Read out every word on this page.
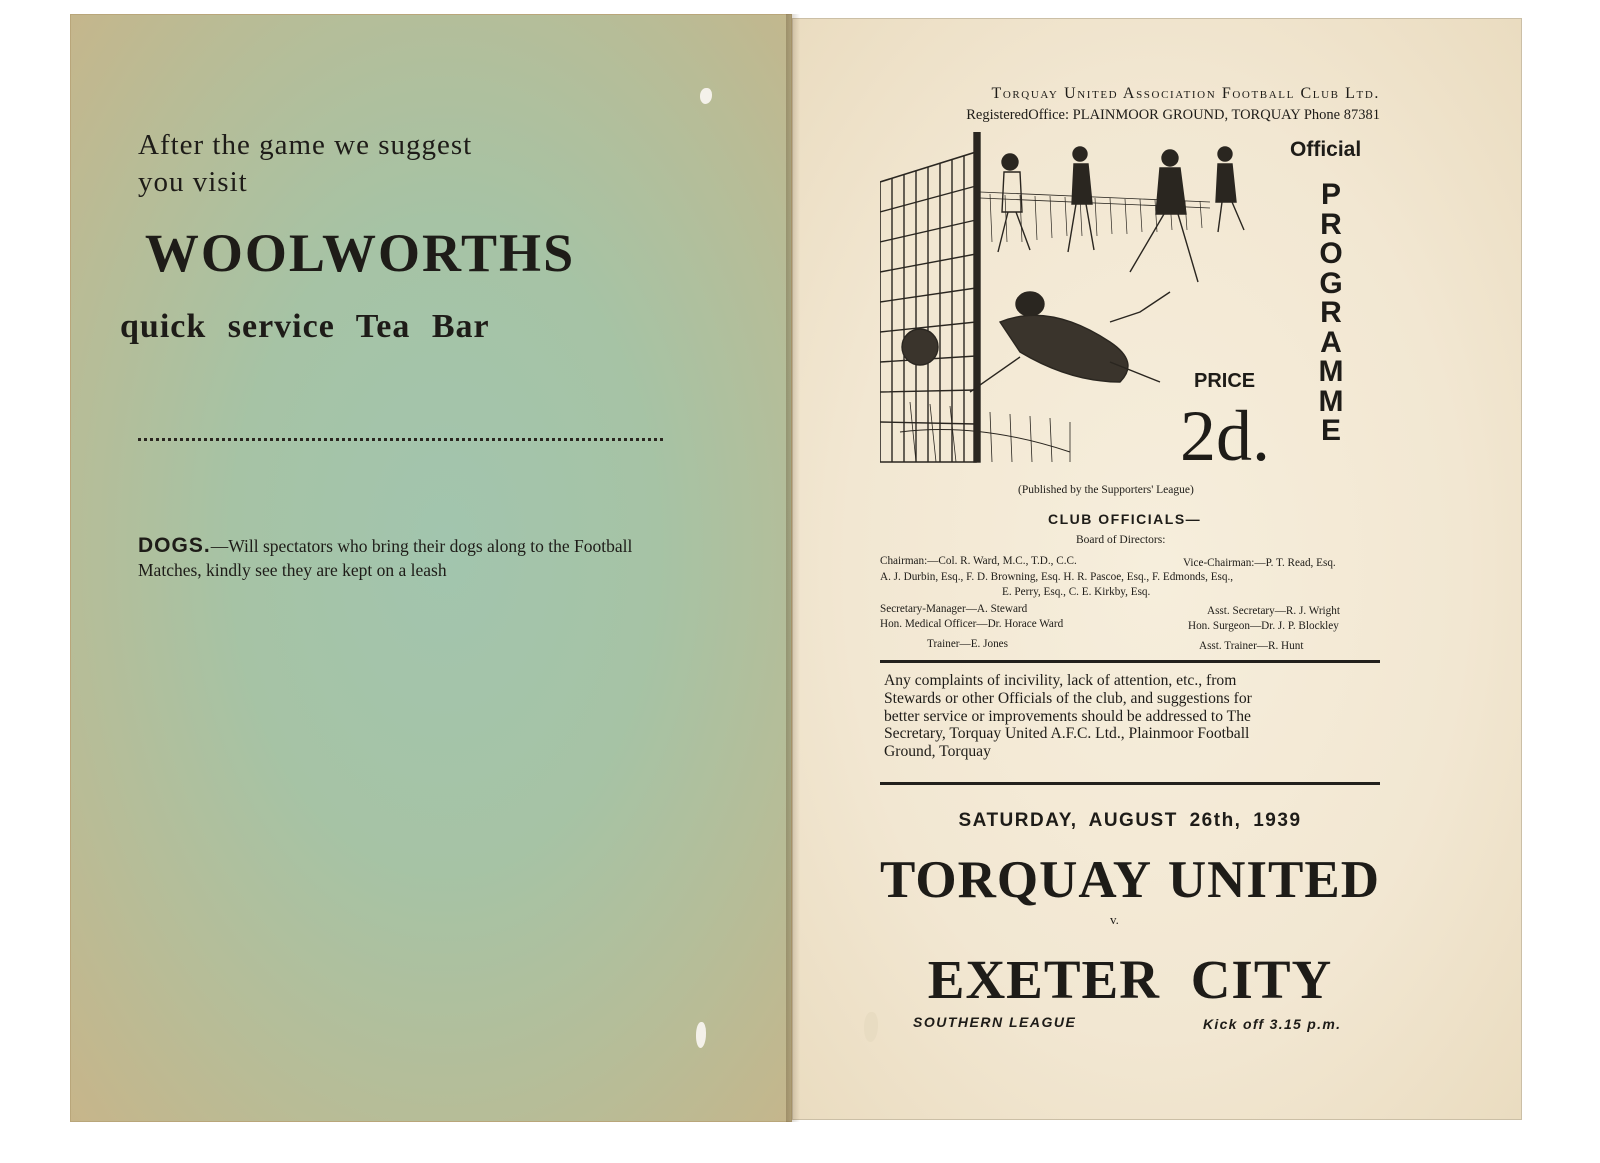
After the game we suggest
you visit
WOOLWORTHS
quick service Tea Bar
DOGS.—Will spectators who bring their dogs along to the Football Matches, kindly see they are kept on a leash
Torquay United Association Football Club Ltd.
RegisteredOffice: PLAINMOOR GROUND, TORQUAY Phone 87381
Official
P
R
O
G
R
A
M
M
E
PRICE
2d.
(Published by the Supporters' League)
CLUB OFFICIALS—
Board of Directors:
Chairman:—Col. R. Ward, M.C., T.D., C.C.	Vice-Chairman:—P. T. Read, Esq.
A. J. Durbin, Esq., F. D. Browning, Esq. H. R. Pascoe, Esq., F. Edmonds, Esq.,
E. Perry, Esq., C. E. Kirkby, Esq.
Secretary-Manager—A. Steward	Asst. Secretary—R. J. Wright
Hon. Medical Officer—Dr. Horace Ward	Hon. Surgeon—Dr. J. P. Blockley
Trainer—E. Jones	Asst. Trainer—R. Hunt
Any complaints of incivility, lack of attention, etc., from
Stewards or other Officials of the club, and suggestions for
better service or improvements should be addressed to The
Secretary, Torquay United A.F.C. Ltd., Plainmoor Football
Ground, Torquay
SATURDAY, AUGUST 26th, 1939
TORQUAY UNITED
v.
EXETER CITY
SOUTHERN LEAGUE	Kick off 3.15 p.m.
